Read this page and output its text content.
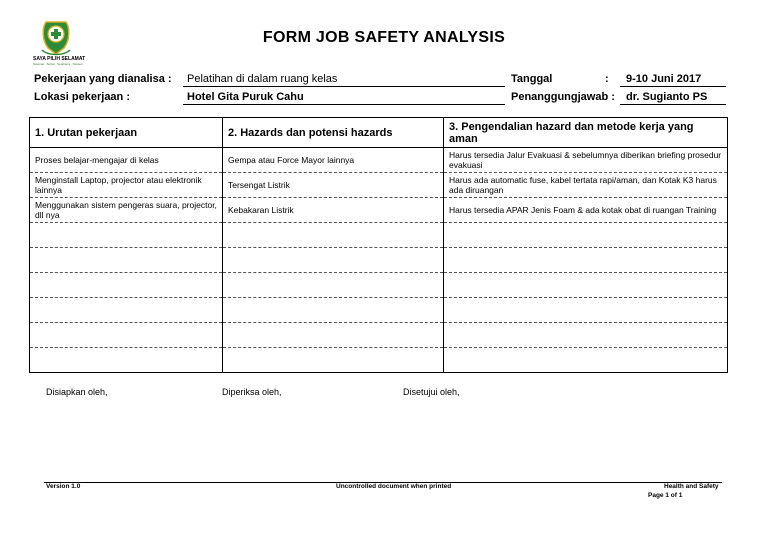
SAYA PILIH SELAMAT
Selamat · Sehat · Sejahtera · Sukses
FORM JOB SAFETY ANALYSIS
Pekerjaan yang dianalisa : Pelatihan di dalam ruang kelas
Lokasi pekerjaan :	Hotel Gita Puruk Cahu
Tanggal	: 9-10 Juni 2017
Penanggungjawab : dr. Sugianto PS
1. Urutan pekerjaan	2. Hazards dan potensi hazards	3. Pengendalian hazard dan metode kerja yang aman
Proses belajar-mengajar di kelas	Gempa atau Force Mayor lainnya	Harus tersedia Jalur Evakuasi & sebelumnya diberikan briefing prosedur evakuasi
Menginstall Laptop, projector atau elektronik lainnya	Tersengat Listrik	Harus ada automatic fuse, kabel tertata rapi/aman, dan Kotak K3 harus ada diruangan
Menggunakan sistem pengeras suara, projector, dll nya	Kebakaran Listrik	Harus tersedia APAR Jenis Foam & ada kotak obat di ruangan Training

Disiapkan oleh,	Diperiksa oleh,	Disetujui oleh,
Version 1.0	Uncontrolled document when printed	Health and Safety
Page 1 of 1
